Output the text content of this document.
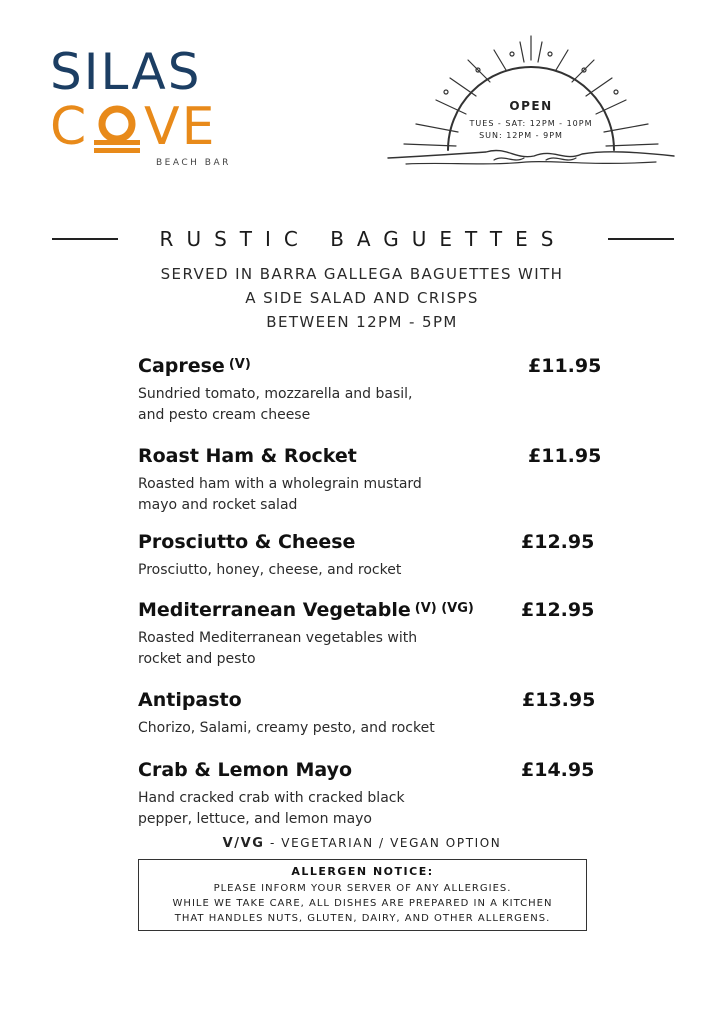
SILAS
C VE
BEACH BAR
OPEN
TUES - SAT: 12PM - 10PM
SUN: 12PM - 9PM
RUSTIC BAGUETTES
SERVED IN BARRA GALLEGA BAGUETTES WITH
A SIDE SALAD AND CRISPS
BETWEEN 12PM - 5PM
Caprese $^{(V)}$	£11.95
Sundried tomato, mozzarella and basil,
and pesto cream cheese
Roast Ham & Rocket	£11.95
Roasted ham with a wholegrain mustard
mayo and rocket salad
Prosciutto & Cheese	£12.95
Prosciutto, honey, cheese, and rocket
Mediterranean Vegetable $^{(V) (VG)}$ £12.95
Roasted Mediterranean vegetables with
rocket and pesto
Antipasto	£13.95
Chorizo, Salami, creamy pesto, and rocket
Crab & Lemon Mayo	£14.95
Hand cracked crab with cracked black
pepper, lettuce, and lemon mayo
V/VG - VEGETARIAN / VEGAN OPTION
ALLERGEN NOTICE:
PLEASE INFORM YOUR SERVER OF ANY ALLERGIES.
WHILE WE TAKE CARE, ALL DISHES ARE PREPARED IN A KITCHEN
THAT HANDLES NUTS, GLUTEN, DAIRY, AND OTHER ALLERGENS.
